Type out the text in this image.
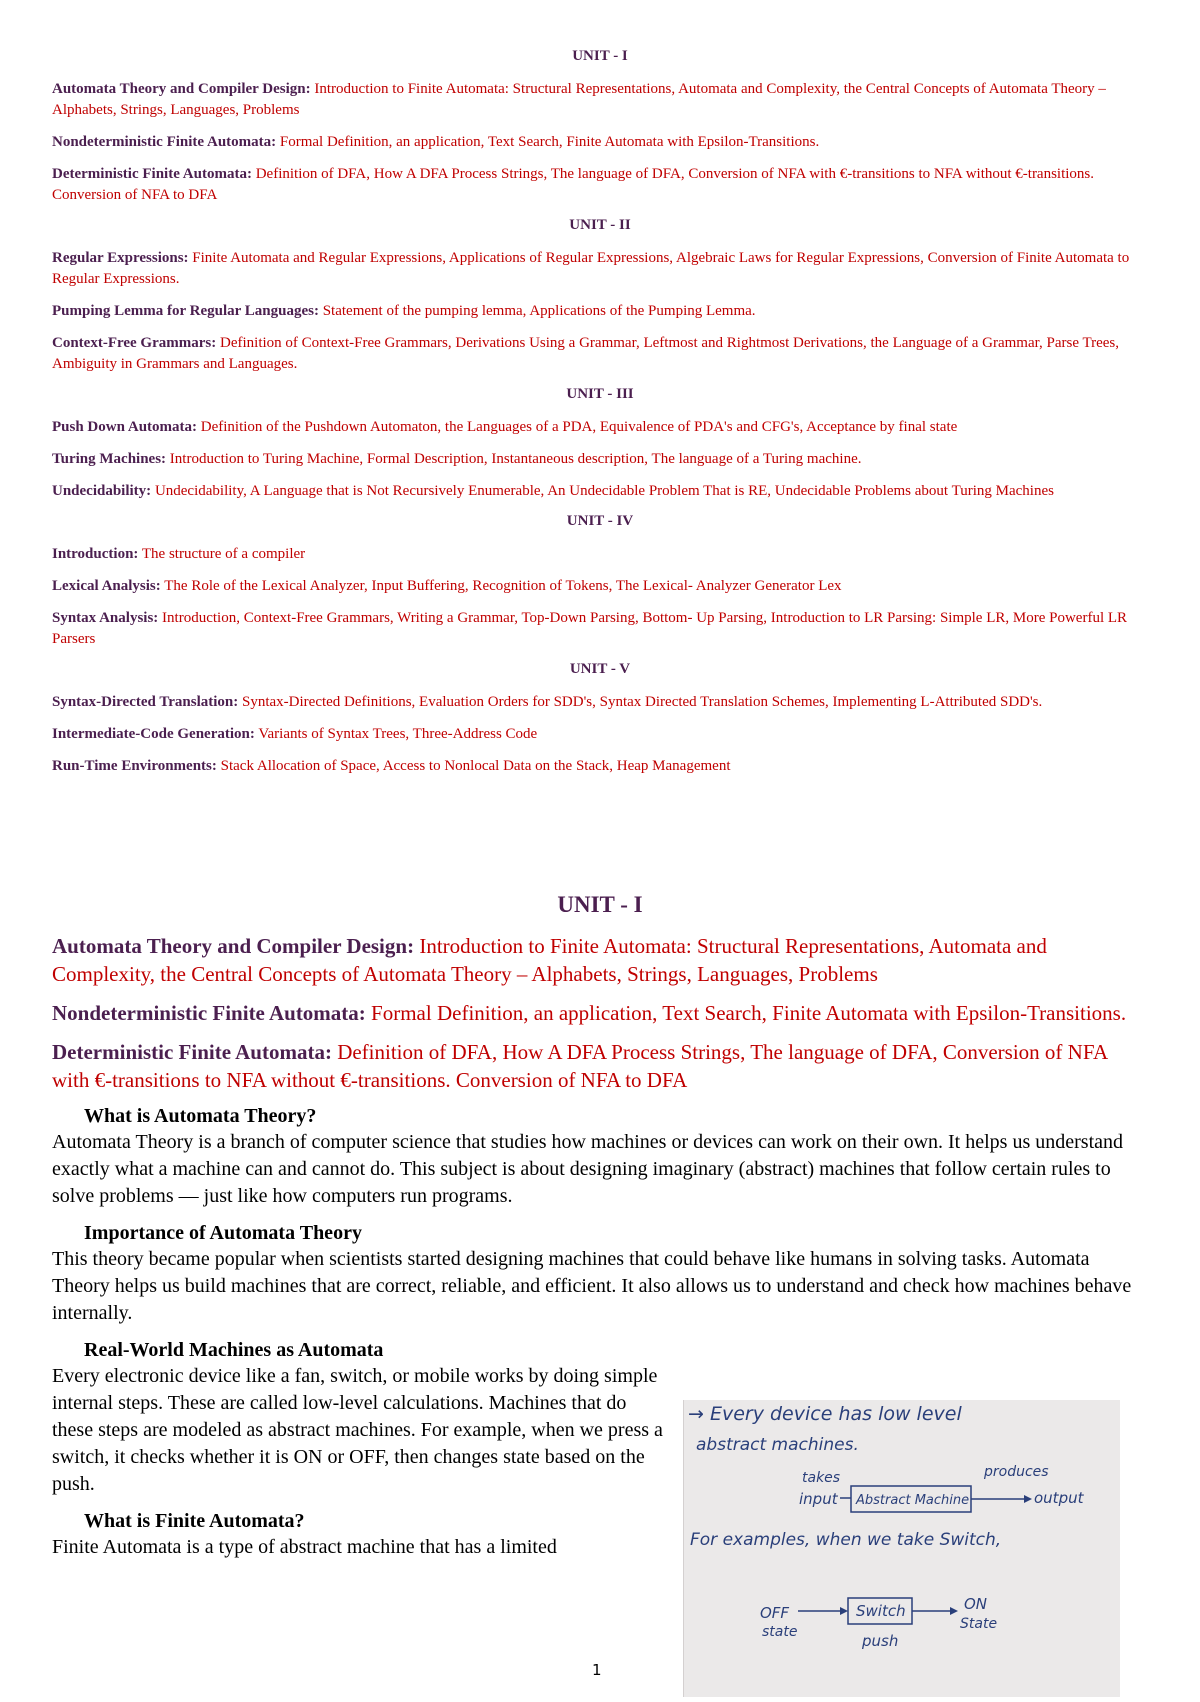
UNIT - I

Automata Theory and Compiler Design: Introduction to Finite Automata: Structural Representations, Automata and Complexity, the Central Concepts of Automata Theory – Alphabets, Strings, Languages, Problems

Nondeterministic Finite Automata: Formal Definition, an application, Text Search, Finite Automata with Epsilon-Transitions.

Deterministic Finite Automata: Definition of DFA, How A DFA Process Strings, The language of DFA, Conversion of NFA with €-transitions to NFA without €-transitions. Conversion of NFA to DFA

UNIT - II

Regular Expressions: Finite Automata and Regular Expressions, Applications of Regular Expressions, Algebraic Laws for Regular Expressions, Conversion of Finite Automata to Regular Expressions.

Pumping Lemma for Regular Languages: Statement of the pumping lemma, Applications of the Pumping Lemma.

Context-Free Grammars: Definition of Context-Free Grammars, Derivations Using a Grammar, Leftmost and Rightmost Derivations, the Language of a Grammar, Parse Trees, Ambiguity in Grammars and Languages.

UNIT - III

Push Down Automata: Definition of the Pushdown Automaton, the Languages of a PDA, Equivalence of PDA's and CFG's, Acceptance by final state

Turing Machines: Introduction to Turing Machine, Formal Description, Instantaneous description, The language of a Turing machine.

Undecidability: Undecidability, A Language that is Not Recursively Enumerable, An Undecidable Problem That is RE, Undecidable Problems about Turing Machines

UNIT - IV

Introduction: The structure of a compiler

Lexical Analysis: The Role of the Lexical Analyzer, Input Buffering, Recognition of Tokens, The Lexical- Analyzer Generator Lex

Syntax Analysis: Introduction, Context-Free Grammars, Writing a Grammar, Top-Down Parsing, Bottom- Up Parsing, Introduction to LR Parsing: Simple LR, More Powerful LR Parsers

UNIT - V

Syntax-Directed Translation: Syntax-Directed Definitions, Evaluation Orders for SDD's, Syntax Directed Translation Schemes, Implementing L-Attributed SDD's.

Intermediate-Code Generation: Variants of Syntax Trees, Three-Address Code

Run-Time Environments: Stack Allocation of Space, Access to Nonlocal Data on the Stack, Heap Management

UNIT - I

Automata Theory and Compiler Design: Introduction to Finite Automata: Structural Representations, Automata and Complexity, the Central Concepts of Automata Theory – Alphabets, Strings, Languages, Problems

Nondeterministic Finite Automata: Formal Definition, an application, Text Search, Finite Automata with Epsilon-Transitions.

Deterministic Finite Automata: Definition of DFA, How A DFA Process Strings, The language of DFA, Conversion of NFA with €-transitions to NFA without €-transitions. Conversion of NFA to DFA

What is Automata Theory?

Automata Theory is a branch of computer science that studies how machines or devices can work on their own. It helps us understand exactly what a machine can and cannot do. This subject is about designing imaginary (abstract) machines that follow certain rules to solve problems — just like how computers run programs.

Importance of Automata Theory

This theory became popular when scientists started designing machines that could behave like humans in solving tasks. Automata Theory helps us build machines that are correct, reliable, and efficient. It also allows us to understand and check how machines behave internally.

Real-World Machines as Automata

Every electronic device like a fan, switch, or mobile works by doing simple internal steps. These are called low-level calculations. Machines that do these steps are modeled as abstract machines. For example, when we press a switch, it checks whether it is ON or OFF, then changes state based on the push.

What is Finite Automata?

Finite Automata is a type of abstract machine that has a limited

→ Every device has low level
abstract machines.
takes
input Abstract Machine
produces
output
For examples, when we take Switch,
OFF
state
Switch	ON
State
push
1
